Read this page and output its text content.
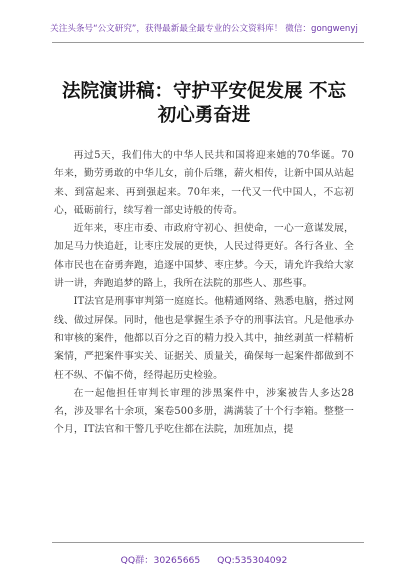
关注头条号“公文研究”，获得最新最全最专业的公文资料库！ 微信：gongwenyj
法院演讲稿：守护平安促发展 不忘
初心勇奋进

再过5天，我们伟大的中华人民共和国将迎来她的70华诞。70年来，勤劳勇敢的中华儿女，前仆后继，薪火相传，让新中国从站起来、到富起来、再到强起来。70年来，一代又一代中国人，不忘初心，砥砺前行，续写着一部史诗般的传奇。

近年来，枣庄市委、市政府守初心、担使命，一心一意谋发展，加足马力快追赶，让枣庄发展的更快，人民过得更好。各行各业、全体市民也在奋勇奔跑，追逐中国梦、枣庄梦。今天，请允许我给大家讲一讲，奔跑追梦的路上，我所在法院的那些人、那些事。

IT法官是刑事审判第一庭庭长。他精通网络、熟悉电脑，搭过网线、做过屏保。同时，他也是掌握生杀予夺的刑事法官。凡是他承办和审核的案件，他都以百分之百的精力投入其中，抽丝剥茧一样精析案情，严把案件事实关、证据关、质量关，确保每一起案件都做到不枉不纵、不偏不倚，经得起历史检验。

在一起他担任审判长审理的涉黑案件中，涉案被告人多达28名，涉及罪名十余项，案卷500多册，满满装了十个行李箱。整整一个月，IT法官和干警几乎吃住都在法院，加班加点，提

QQ群：30265665 QQ:535304092
